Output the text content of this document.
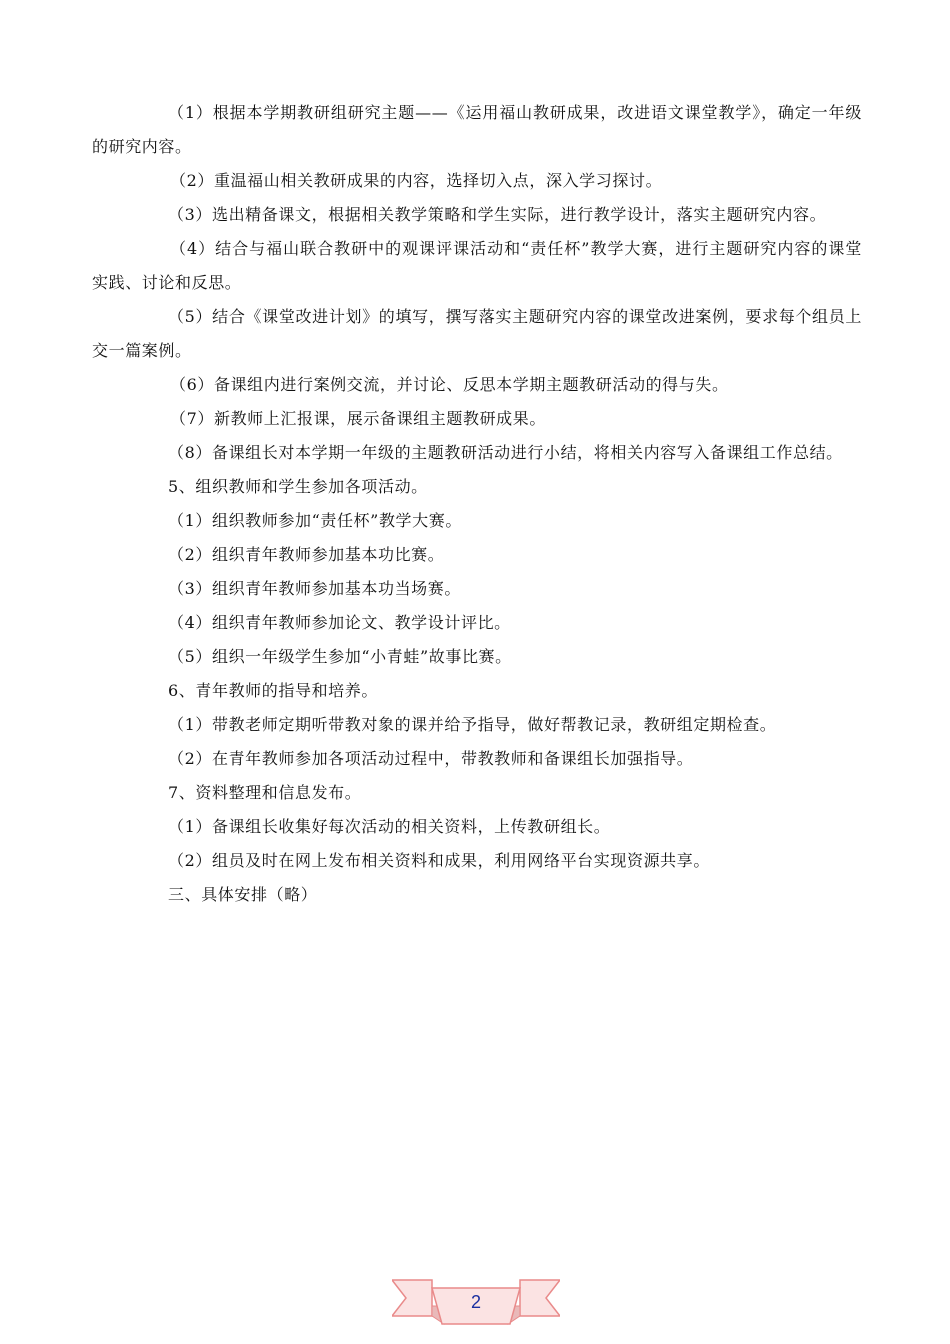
（1）根据本学期教研组研究主题——《运用福山教研成果，改进语文课堂教学》，确定一年级的研究内容。

（2）重温福山相关教研成果的内容，选择切入点，深入学习探讨。

（3）选出精备课文，根据相关教学策略和学生实际，进行教学设计，落实主题研究内容。

（4）结合与福山联合教研中的观课评课活动和“责任杯”教学大赛，进行主题研究内容的课堂实践、讨论和反思。

（5）结合《课堂改进计划》的填写，撰写落实主题研究内容的课堂改进案例，要求每个组员上交一篇案例。

（6）备课组内进行案例交流，并讨论、反思本学期主题教研活动的得与失。

（7）新教师上汇报课，展示备课组主题教研成果。

（8）备课组长对本学期一年级的主题教研活动进行小结，将相关内容写入备课组工作总结。

5、组织教师和学生参加各项活动。

（1）组织教师参加“责任杯”教学大赛。

（2）组织青年教师参加基本功比赛。

（3）组织青年教师参加基本功当场赛。

（4）组织青年教师参加论文、教学设计评比。

（5）组织一年级学生参加“小青蛙”故事比赛。

6、青年教师的指导和培养。

（1）带教老师定期听带教对象的课并给予指导，做好帮教记录，教研组定期检查。

（2）在青年教师参加各项活动过程中，带教教师和备课组长加强指导。

7、资料整理和信息发布。

（1）备课组长收集好每次活动的相关资料，上传教研组长。

（2）组员及时在网上发布相关资料和成果，利用网络平台实现资源共享。

三、具体安排（略）

2
